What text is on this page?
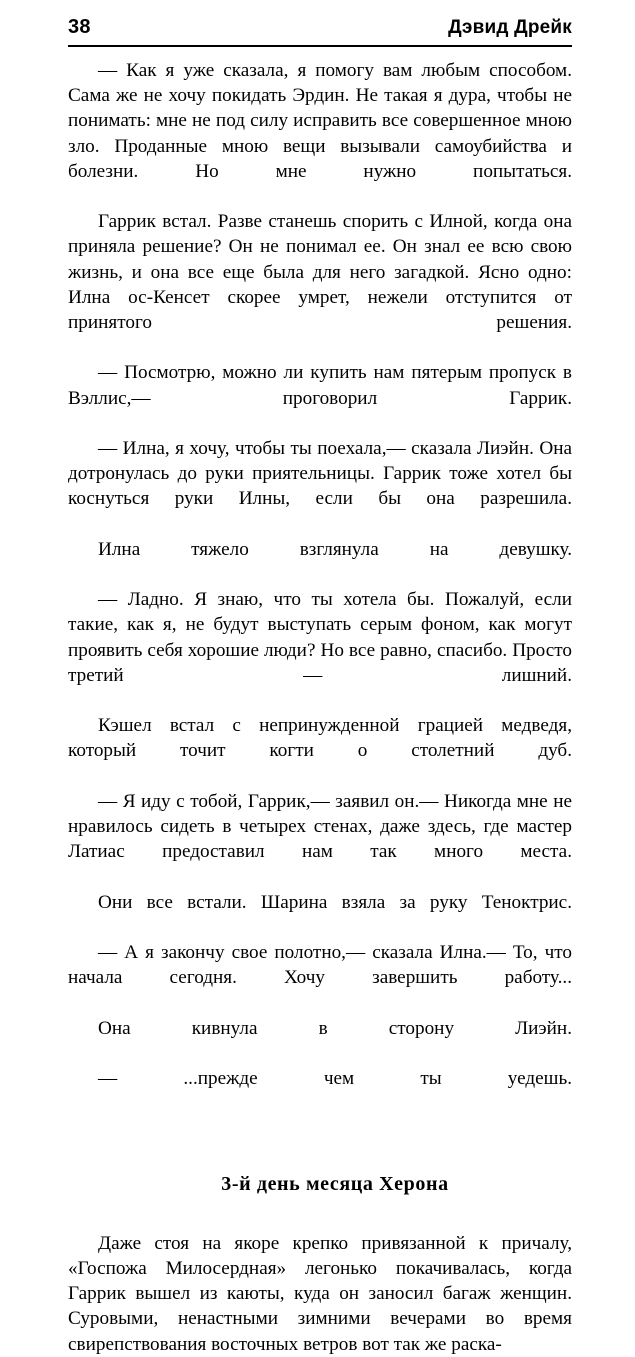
38	Дэвид Дрейк

— Как я уже сказала, я помогу вам любым способом. Сама же не хочу покидать Эрдин. Не такая я дура, чтобы не понимать: мне не под силу исправить все совершенное мною зло. Проданные мною вещи вызывали самоубийства и болезни. Но мне нужно попытаться.

Гаррик встал. Разве станешь спорить с Илной, когда она приняла решение? Он не понимал ее. Он знал ее всю свою жизнь, и она все еще была для него загадкой. Ясно одно: Илна ос-Кенсет скорее умрет, нежели отступится от принятого решения.

— Посмотрю, можно ли купить нам пятерым пропуск в Вэллис,— проговорил Гаррик.

— Илна, я хочу, чтобы ты поехала,— сказала Лиэйн. Она дотронулась до руки приятельницы. Гаррик тоже хотел бы коснуться руки Илны, если бы она разрешила.

Илна тяжело взглянула на девушку.

— Ладно. Я знаю, что ты хотела бы. Пожалуй, если такие, как я, не будут выступать серым фоном, как могут проявить себя хорошие люди? Но все равно, спасибо. Просто третий — лишний.

Кэшел встал с непринужденной грацией медведя, который точит когти о столетний дуб.

— Я иду с тобой, Гаррик,— заявил он.— Никогда мне не нравилось сидеть в четырех стенах, даже здесь, где мастер Латиас предоставил нам так много места.

Они все встали. Шарина взяла за руку Теноктрис.

— А я закончу свое полотно,— сказала Илна.— То, что начала сегодня. Хочу завершить работу...

Она кивнула в сторону Лиэйн.

— ...прежде чем ты уедешь.

3-й день месяца Херона

Даже стоя на якоре крепко привязанной к причалу, «Госпожа Милосердная» легонько покачивалась, когда Гаррик вышел из каюты, куда он заносил багаж женщин. Суровыми, ненастными зимними вечерами во время свирепствования восточных ветров вот так же раска-
